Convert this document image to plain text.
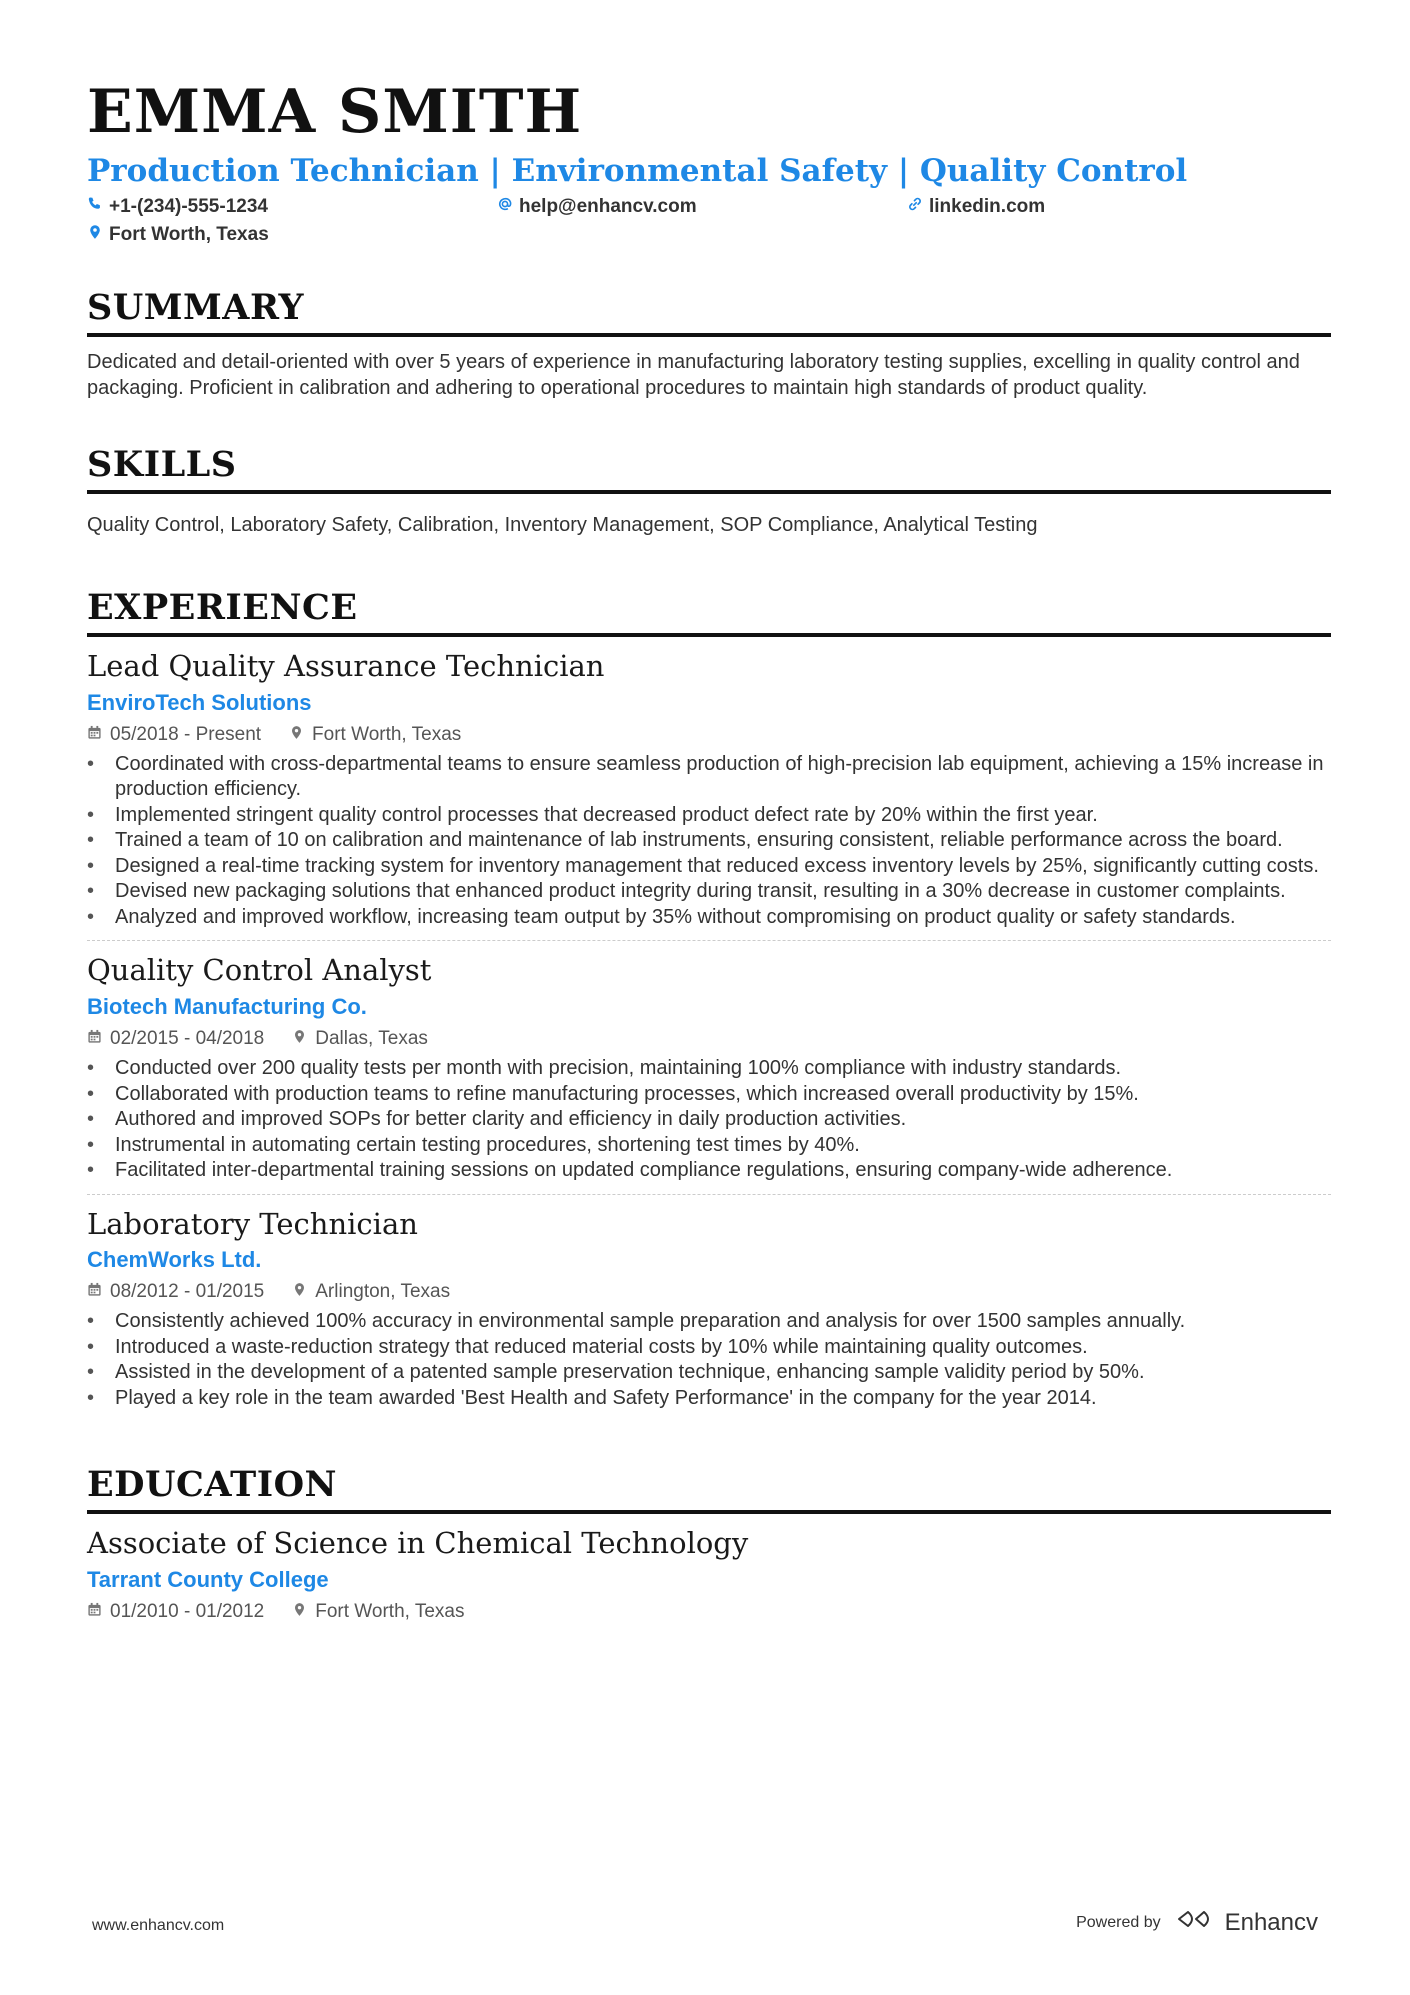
EMMA SMITH
Production Technician | Environmental Safety | Quality Control
+1-(234)-555-1234	help@enhancv.com	linkedin.com
Fort Worth, Texas
SUMMARY
Dedicated and detail-oriented with over 5 years of experience in manufacturing laboratory testing supplies, excelling in quality control and packaging. Proficient in calibration and adhering to operational procedures to maintain high standards of product quality.
SKILLS
Quality Control, Laboratory Safety, Calibration, Inventory Management, SOP Compliance, Analytical Testing
EXPERIENCE
Lead Quality Assurance Technician
EnviroTech Solutions
05/2018 - Present	Fort Worth, Texas
• Coordinated with cross-departmental teams to ensure seamless production of high-precision lab equipment, achieving a 15% increase in production efficiency.
• Implemented stringent quality control processes that decreased product defect rate by 20% within the first year.
• Trained a team of 10 on calibration and maintenance of lab instruments, ensuring consistent, reliable performance across the board.
• Designed a real-time tracking system for inventory management that reduced excess inventory levels by 25%, significantly cutting costs.
• Devised new packaging solutions that enhanced product integrity during transit, resulting in a 30% decrease in customer complaints.
• Analyzed and improved workflow, increasing team output by 35% without compromising on product quality or safety standards.
Quality Control Analyst
Biotech Manufacturing Co.
02/2015 - 04/2018	Dallas, Texas
• Conducted over 200 quality tests per month with precision, maintaining 100% compliance with industry standards.
• Collaborated with production teams to refine manufacturing processes, which increased overall productivity by 15%.
• Authored and improved SOPs for better clarity and efficiency in daily production activities.
• Instrumental in automating certain testing procedures, shortening test times by 40%.
• Facilitated inter-departmental training sessions on updated compliance regulations, ensuring company-wide adherence.
Laboratory Technician
ChemWorks Ltd.
08/2012 - 01/2015	Arlington, Texas
• Consistently achieved 100% accuracy in environmental sample preparation and analysis for over 1500 samples annually.
• Introduced a waste-reduction strategy that reduced material costs by 10% while maintaining quality outcomes.
• Assisted in the development of a patented sample preservation technique, enhancing sample validity period by 50%.
• Played a key role in the team awarded 'Best Health and Safety Performance' in the company for the year 2014.
EDUCATION
Associate of Science in Chemical Technology
Tarrant County College
01/2010 - 01/2012	Fort Worth, Texas
www.enhancv.com	Powered by	Enhancv
